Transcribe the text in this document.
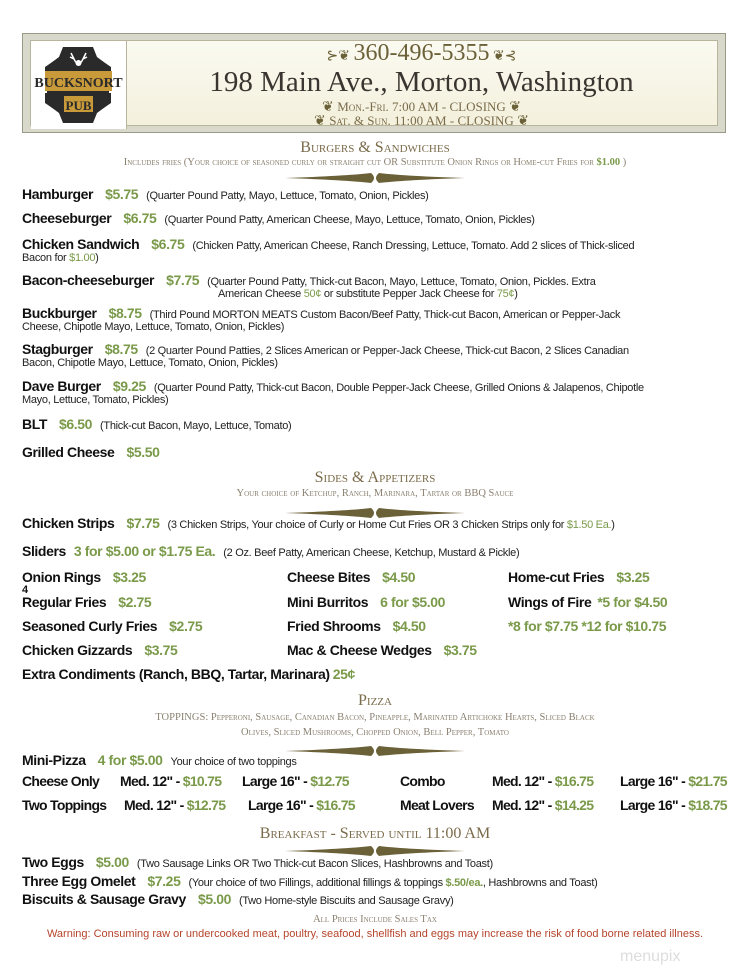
BUCKSNORT
PUB
⊱❦ 360-496-5355 ❦⊰
198 Main Ave., Morton, Washington
❦ Mon.-Fri. 7:00 AM - CLOSING ❦
❦ Sat. & Sun. 11:00 AM - CLOSING ❦
Burgers & Sandwiches
Includes fries (Your choice of seasoned curly or straight cut OR Substitute Onion Rings or Home-cut Fries for $1.00 )
Sides & Appetizers
Your choice of Ketchup, Ranch, Marinara, Tartar or BBQ Sauce
Pizza
TOPPINGS: Pepperoni, Sausage, Canadian Bacon, Pineapple, Marinated Artichoke Hearts, Sliced Black
Olives, Sliced Mushrooms, Chopped Onion, Bell Pepper, Tomato
Breakfast - Served until 11:00 AM
Hamburger $5.75 (Quarter Pound Patty, Mayo, Lettuce, Tomato, Onion, Pickles)
Cheeseburger $6.75 (Quarter Pound Patty, American Cheese, Mayo, Lettuce, Tomato, Onion, Pickles)
Chicken Sandwich $6.75 (Chicken Patty, American Cheese, Ranch Dressing, Lettuce, Tomato. Add 2 slices of Thick-sliced
Bacon for $1.00)
Bacon-cheeseburger $7.75 (Quarter Pound Patty, Thick-cut Bacon, Mayo, Lettuce, Tomato, Onion, Pickles. Extra
American Cheese 50¢ or substitute Pepper Jack Cheese for 75¢)
Buckburger $8.75 (Third Pound MORTON MEATS Custom Bacon/Beef Patty, Thick-cut Bacon, American or Pepper-Jack
Cheese, Chipotle Mayo, Lettuce, Tomato, Onion, Pickles)
Stagburger $8.75 (2 Quarter Pound Patties, 2 Slices American or Pepper-Jack Cheese, Thick-cut Bacon, 2 Slices Canadian
Bacon, Chipotle Mayo, Lettuce, Tomato, Onion, Pickles)
Dave Burger $9.25 (Quarter Pound Patty, Thick-cut Bacon, Double Pepper-Jack Cheese, Grilled Onions & Jalapenos, Chipotle
Mayo, Lettuce, Tomato, Pickles)
BLT $6.50 (Thick-cut Bacon, Mayo, Lettuce, Tomato)
Grilled Cheese $5.50
Chicken Strips $7.75 (3 Chicken Strips, Your choice of Curly or Home Cut Fries OR 3 Chicken Strips only for $1.50 Ea.)
Sliders 3 for $5.00 or $1.75 Ea. (2 Oz. Beef Patty, American Cheese, Ketchup, Mustard & Pickle)
Two Eggs $5.00 (Two Sausage Links OR Two Thick-cut Bacon Slices, Hashbrowns and Toast)
Three Egg Omelet $7.25 (Your choice of two Fillings, additional fillings & toppings $.50/ea., Hashbrowns and Toast)
Biscuits & Sausage Gravy $5.00 (Two Home-style Biscuits and Sausage Gravy)
Onion Rings $3.25	Cheese Bites $4.50	Home-cut Fries $3.25
Regular Fries $2.75	Mini Burritos 6 for $5.00	Wings of Fire *5 for $4.50
Seasoned Curly Fries $2.75	Fried Shrooms $4.50	*8 for $7.75 *12 for $10.75
Chicken Gizzards $3.75	Mac & Cheese Wedges $3.75
4
Extra Condiments (Ranch, BBQ, Tartar, Marinara) 25¢
Cheese Only Med. 12" - $10.75 Large 16" - $12.75	Combo	Med. 12" - $16.75 Large 16" - $21.75
Two Toppings Med. 12" - $12.75 Large 16" - $16.75	Meat Lovers Med. 12" - $14.25 Large 16" - $18.75
Mini-Pizza 4 for $5.00 Your choice of two toppings
All Prices Include Sales Tax
Warning: Consuming raw or undercooked meat, poultry, seafood, shellfish and eggs may increase the risk of food borne related illness.
menupix
